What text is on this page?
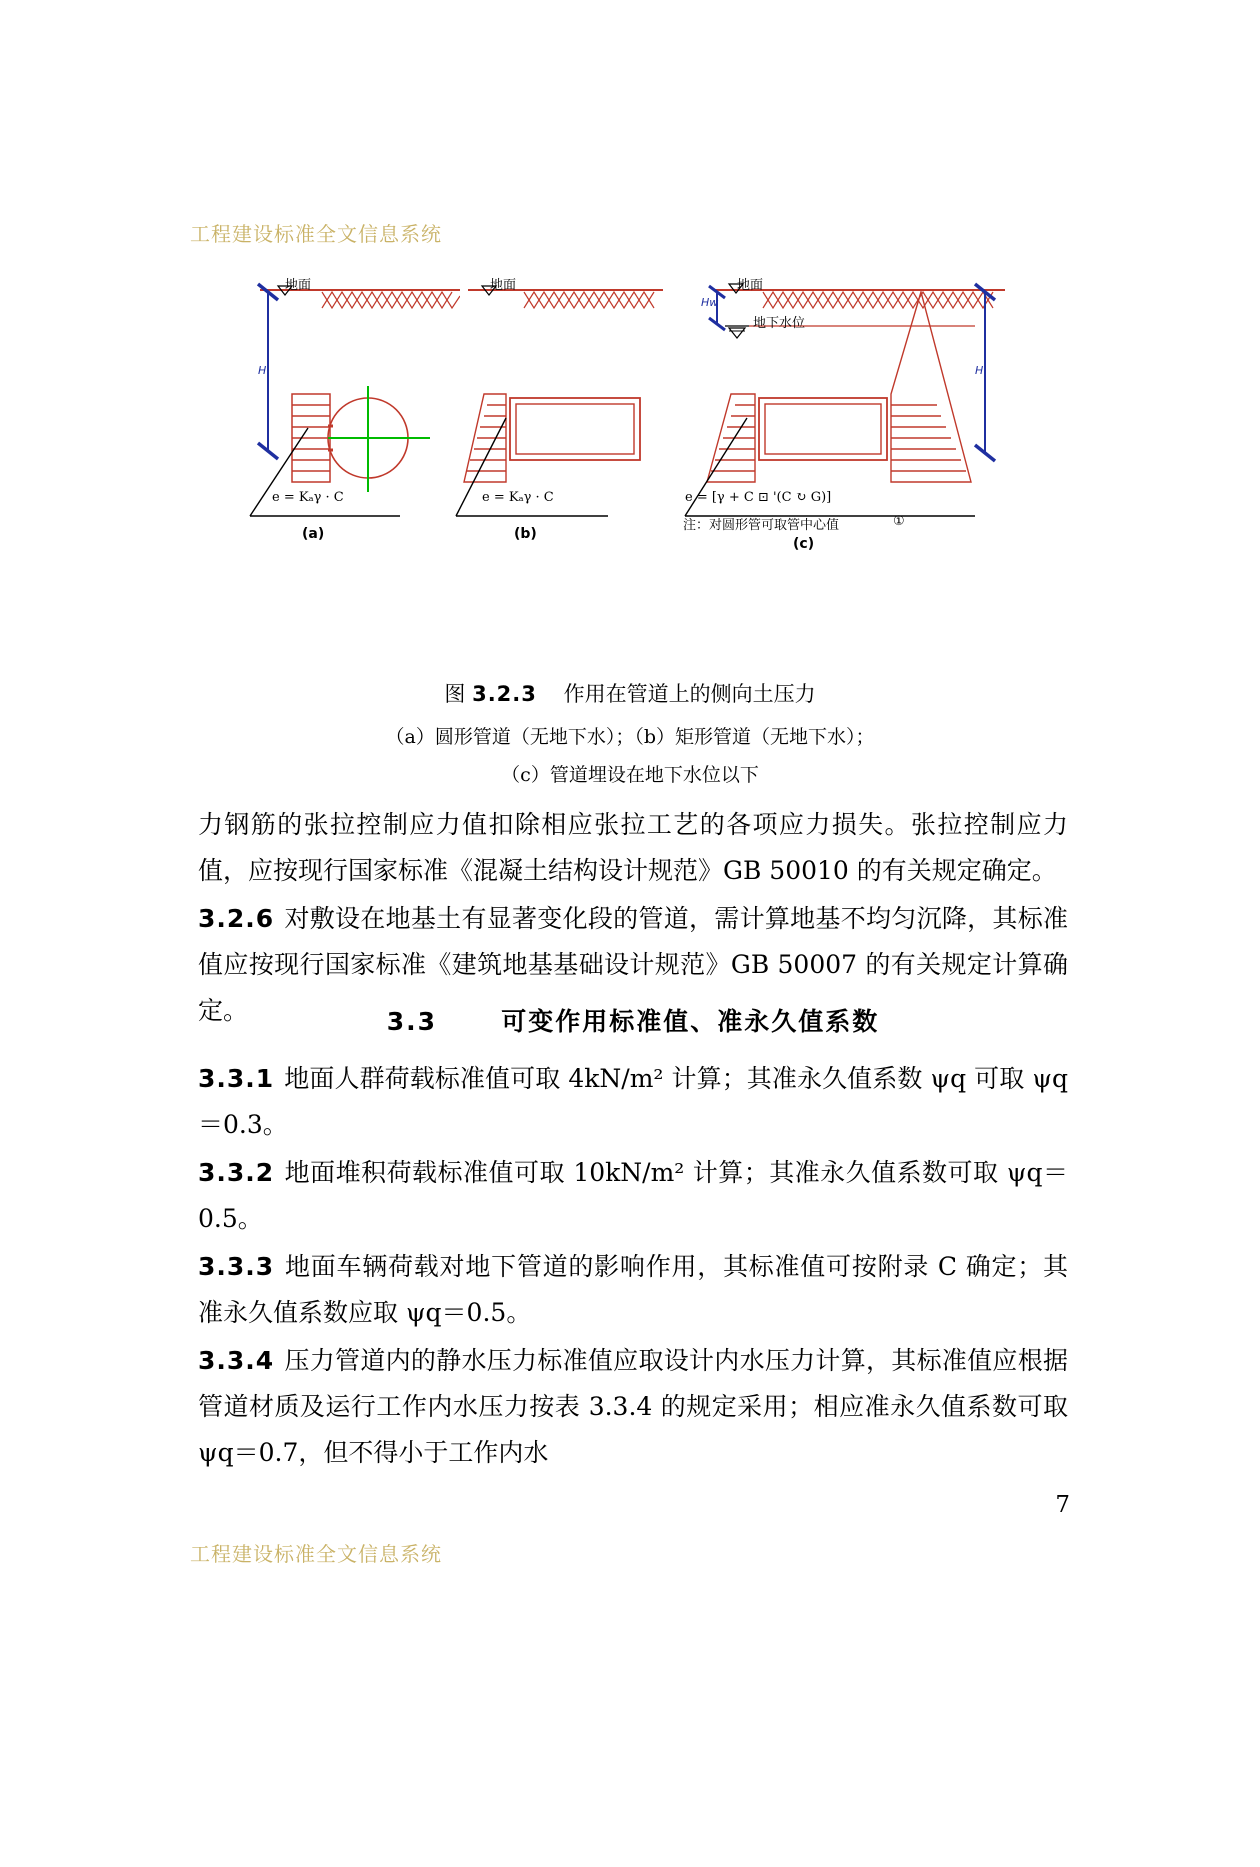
工程建设标准全文信息系统
地面
H
e = Kₐγ · C
(a)
地面
e = Kₐγ · C
(b)
地面
地下水位
Hw
H
e = [γ + C ⊡ '(C ↻ G)]
注：对圆形管可取管中心值	①
(c)
图 3.2.3 作用在管道上的侧向土压力
（a）圆形管道（无地下水）；（b）矩形管道（无地下水）；
（c）管道埋设在地下水位以下

力钢筋的张拉控制应力值扣除相应张拉工艺的各项应力损失。张拉控制应力值，应按现行国家标准《混凝土结构设计规范》GB 50010 的有关规定确定。

3.2.6 对敷设在地基土有显著变化段的管道，需计算地基不均匀沉降，其标准值应按现行国家标准《建筑地基基础设计规范》GB 50007 的有关规定计算确定。	3.3	可变作用标准值、准永久值系数

3.3.1 地面人群荷载标准值可取 4kN/m² 计算；其准永久值系数 ψq 可取 ψq＝0.3。

3.3.2 地面堆积荷载标准值可取 10kN/m² 计算；其准永久值系数可取 ψq＝0.5。

3.3.3 地面车辆荷载对地下管道的影响作用，其标准值可按附录 C 确定；其准永久值系数应取 ψq＝0.5。

3.3.4 压力管道内的静水压力标准值应取设计内水压力计算，其标准值应根据管道材质及运行工作内水压力按表 3.3.4 的规定采用；相应准永久值系数可取 ψq＝0.7，但不得小于工作内水

7
工程建设标准全文信息系统
